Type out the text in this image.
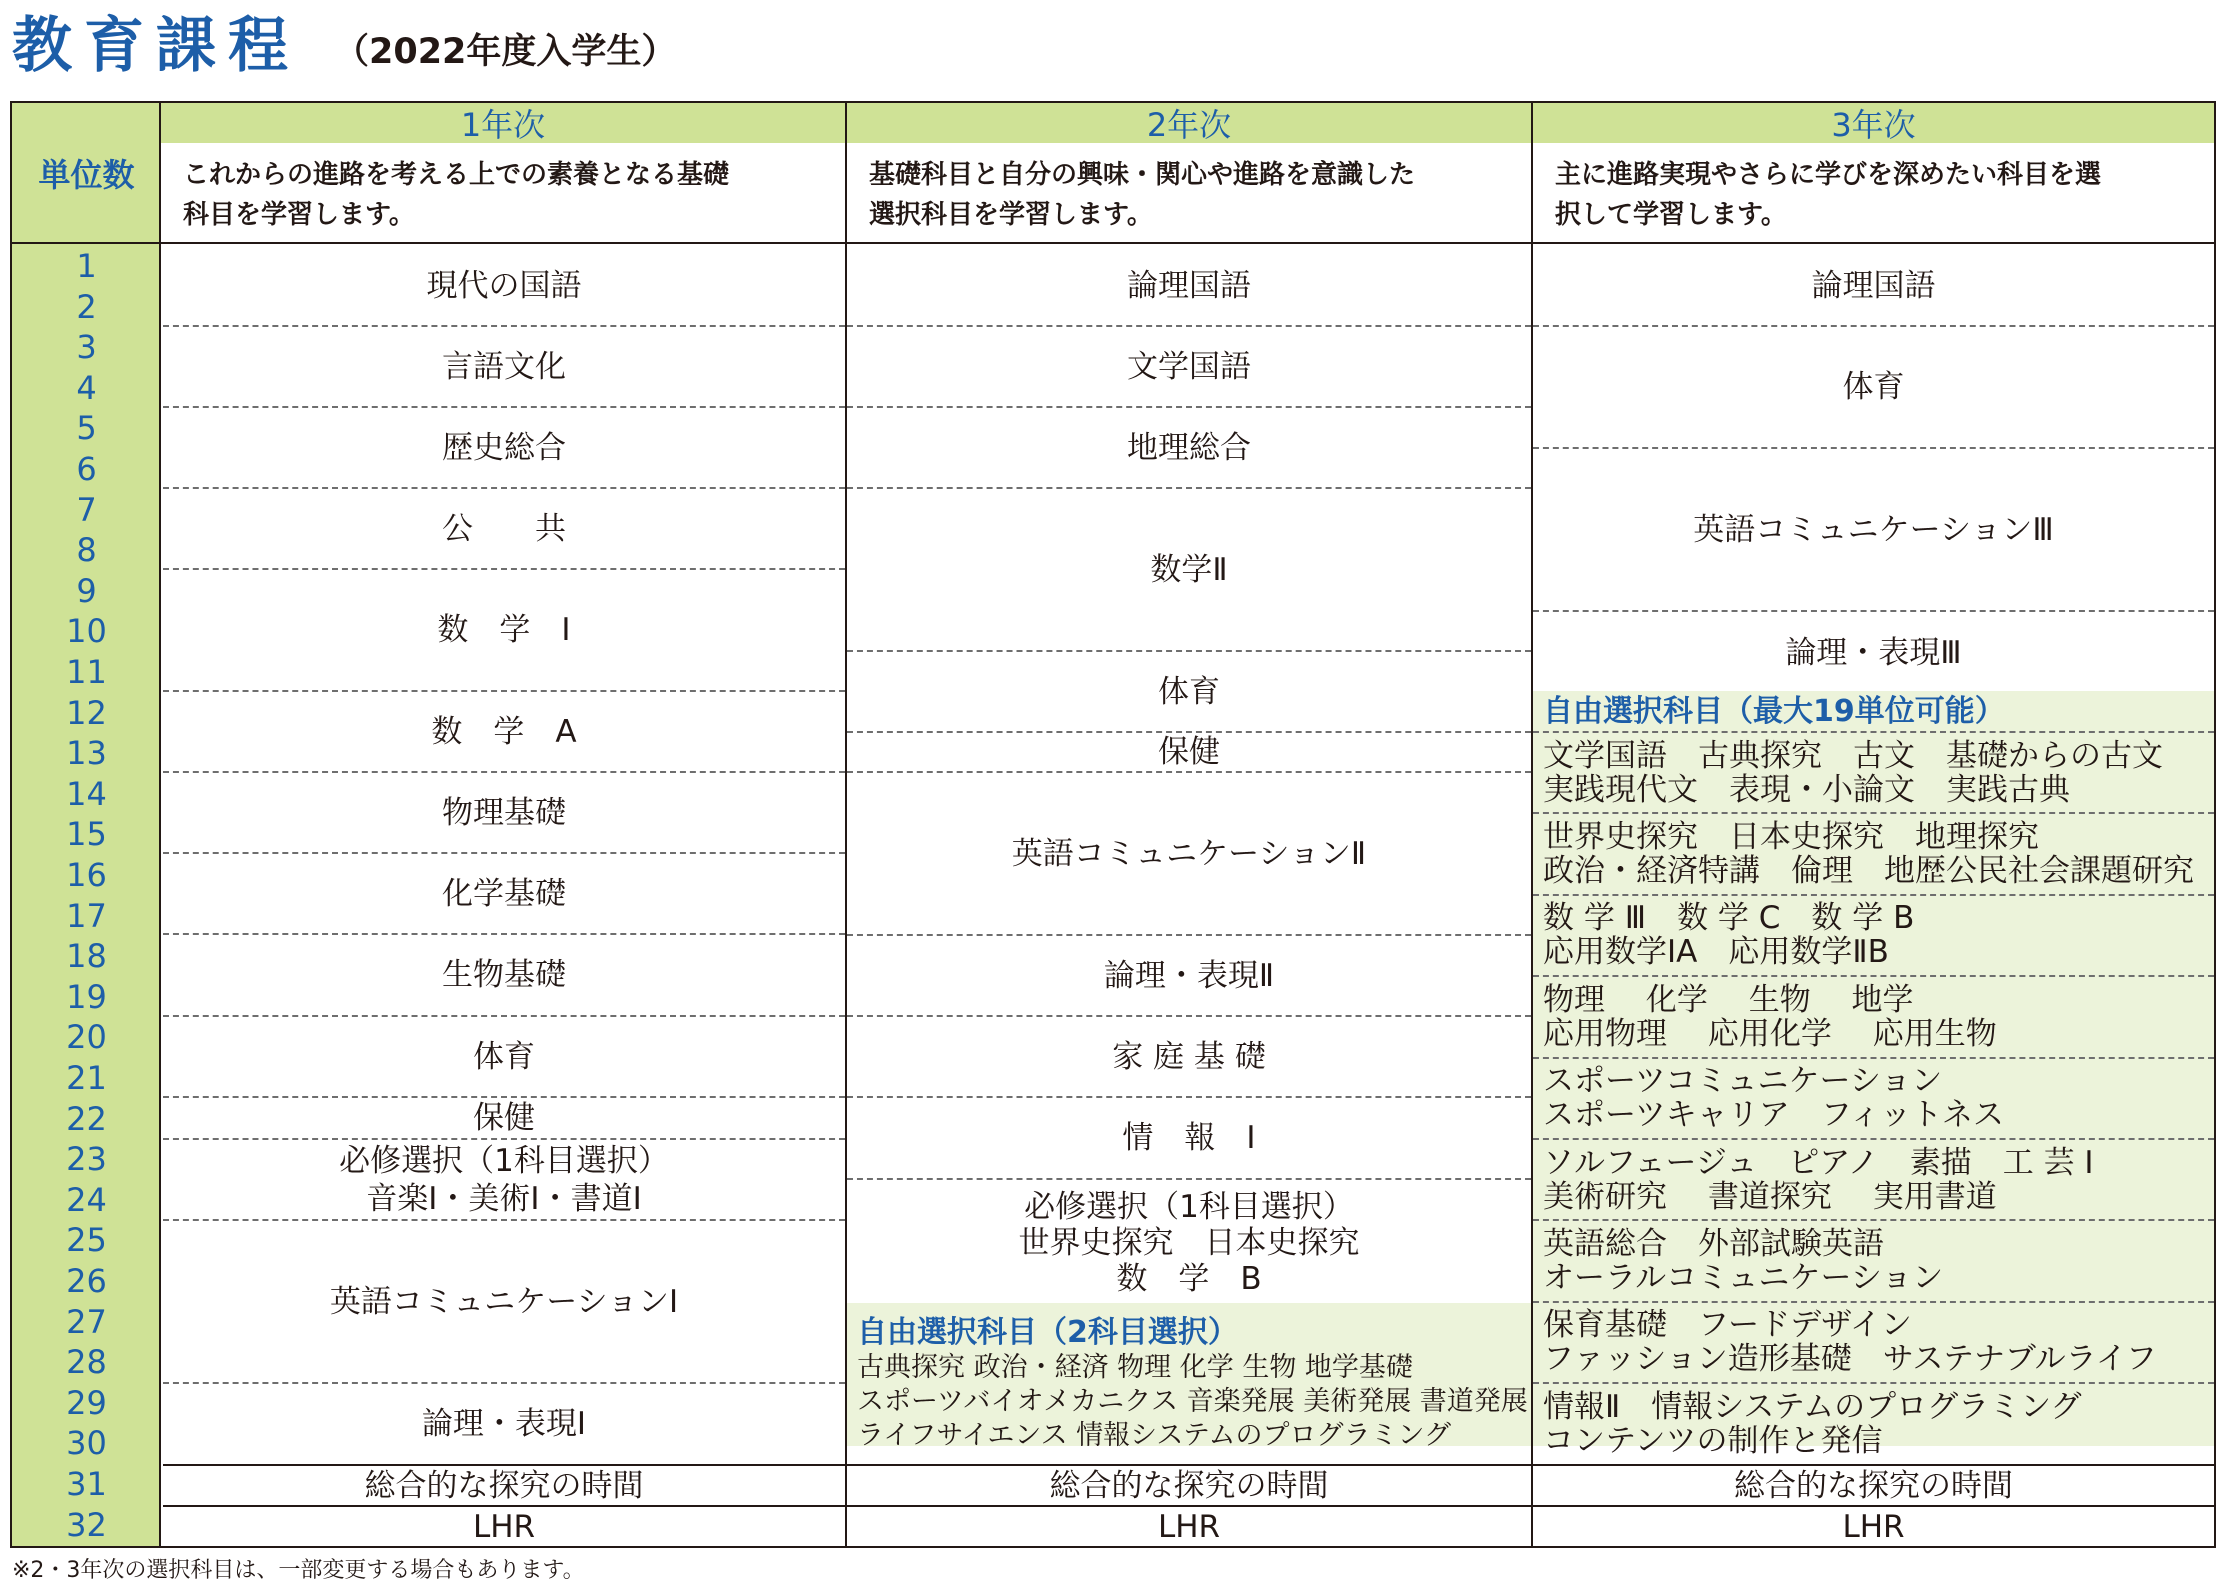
教育課程 （2022年度入学生）
単位数
1年次	2年次	3年次
これからの進路を考える上での素養となる基礎
科目を学習します。
基礎科目と自分の興味・関心や進路を意識した
選択科目を学習します。
主に進路実現やさらに学びを深めたい科目を選
択して学習します。
現代の国語
言語文化
歴史総合
公　　共
数　学　Ⅰ
数　学　A
物理基礎
化学基礎
生物基礎
体育
保健
必修選択（1科目選択）
音楽Ⅰ・美術Ⅰ・書道Ⅰ
英語コミュニケーションⅠ
論理・表現Ⅰ
総合的な探究の時間
LHR
論理国語
文学国語
地理総合
数学Ⅱ
体育
保健
英語コミュニケーションⅡ
論理・表現Ⅱ
家 庭 基 礎
情　報　Ⅰ
必修選択（1科目選択）
世界史探究　日本史探究
数　学　B
自由選択科目（2科目選択）
古典探究 政治・経済 物理 化学 生物 地学基礎
スポーツバイオメカニクス 音楽発展 美術発展 書道発展
ライフサイエンス 情報システムのプログラミング
総合的な探究の時間
LHR
論理国語
体育
英語コミュニケーションⅢ
論理・表現Ⅲ
自由選択科目（最大19単位可能）
総合的な探究の時間
LHR
1
2
3
4
5
6
7
8
9
10
11
12
13
14
15
16
17
18
19
20
21
22
23
24
25
26
27
28
29
30
31
32
文学国語　古典探究　古文　基礎からの古文
実践現代文　表現・小論文　実践古典
世界史探究　日本史探究　地理探究
政治・経済特講　倫理　地歴公民社会課題研究
数 学 Ⅲ　数 学 C　数 学 B
応用数学ⅠA　応用数学ⅡB
物理　 化学　 生物　 地学
応用物理　 応用化学　 応用生物
スポーツコミュニケーション
スポーツキャリア　フィットネス
ソルフェージュ　ピアノ　素描　工 芸 Ⅰ
美術研究　 書道探究　 実用書道
英語総合　外部試験英語
オーラルコミュニケーション
保育基礎　フードデザイン
ファッション造形基礎　サステナブルライフ
情報Ⅱ　情報システムのプログラミング
コンテンツの制作と発信
※2・3年次の選択科目は、一部変更する場合もあります。
